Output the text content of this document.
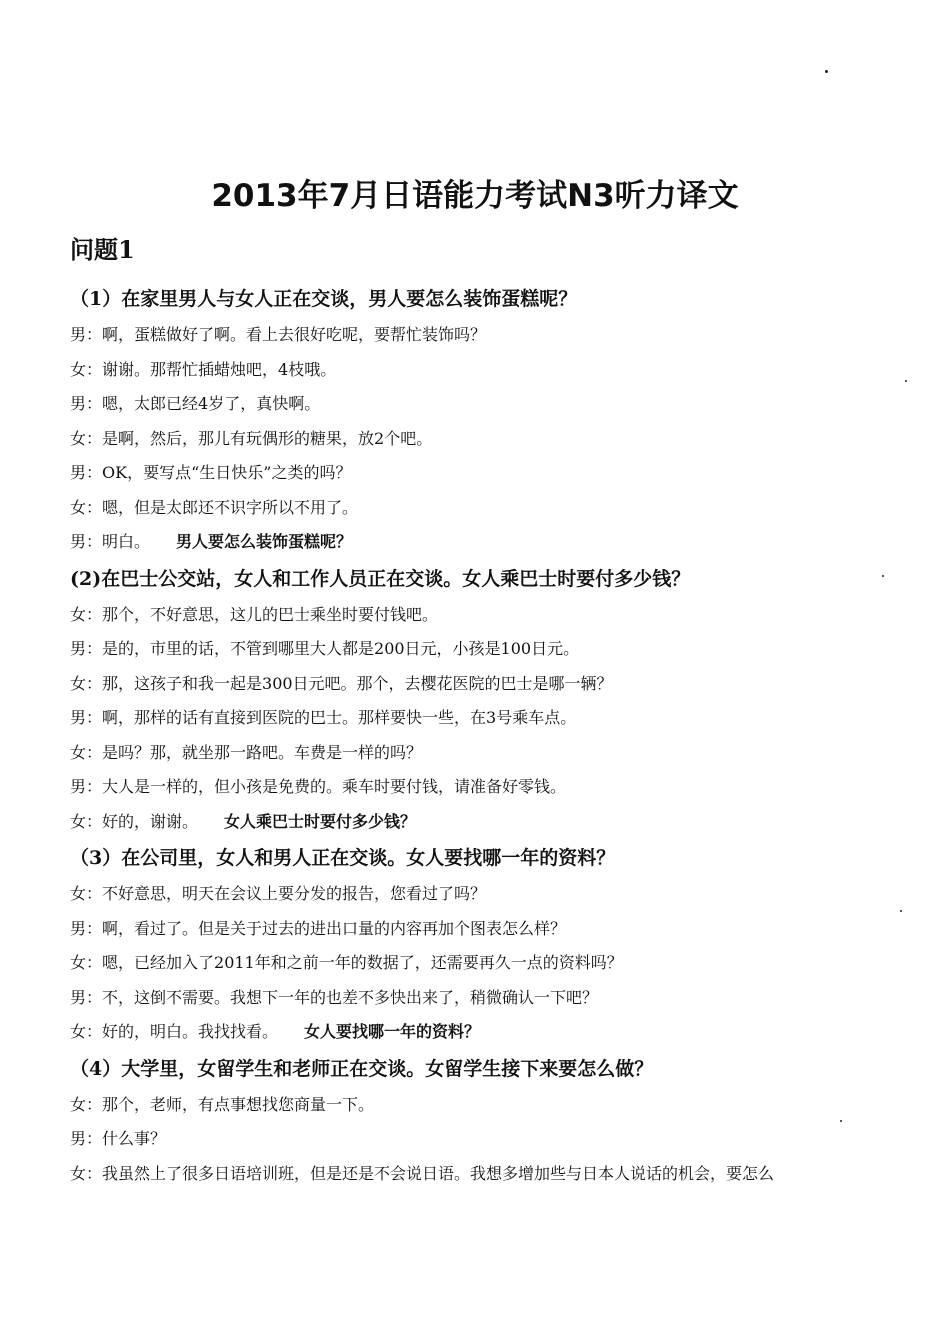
2013年7月日语能力考试N3听力译文
问题1
（1）在家里男人与女人正在交谈，男人要怎么装饰蛋糕呢？
男：啊，蛋糕做好了啊。看上去很好吃呢，要帮忙装饰吗？
女：谢谢。那帮忙插蜡烛吧，4枝哦。
男：嗯，太郎已经4岁了，真快啊。
女：是啊，然后，那儿有玩偶形的糖果，放2个吧。
男：OK，要写点“生日快乐”之类的吗？
女：嗯，但是太郎还不识字所以不用了。
男：明白。 男人要怎么装饰蛋糕呢？
(2)在巴士公交站，女人和工作人员正在交谈。女人乘巴士时要付多少钱？
女：那个，不好意思，这儿的巴士乘坐时要付钱吧。
男：是的，市里的话，不管到哪里大人都是200日元，小孩是100日元。
女：那，这孩子和我一起是300日元吧。那个，去樱花医院的巴士是哪一辆？
男：啊，那样的话有直接到医院的巴士。那样要快一些，在3号乘车点。
女：是吗？那，就坐那一路吧。车费是一样的吗？
男：大人是一样的，但小孩是免费的。乘车时要付钱，请准备好零钱。
女：好的，谢谢。 女人乘巴士时要付多少钱？
（3）在公司里，女人和男人正在交谈。女人要找哪一年的资料？
女：不好意思，明天在会议上要分发的报告，您看过了吗？
男：啊，看过了。但是关于过去的进出口量的内容再加个图表怎么样？
女：嗯，已经加入了2011年和之前一年的数据了，还需要再久一点的资料吗？
男：不，这倒不需要。我想下一年的也差不多快出来了，稍微确认一下吧？
女：好的，明白。我找找看。 女人要找哪一年的资料？
（4）大学里，女留学生和老师正在交谈。女留学生接下来要怎么做？
女：那个，老师，有点事想找您商量一下。
男：什么事？
女：我虽然上了很多日语培训班，但是还是不会说日语。我想多增加些与日本人说话的机会，要怎么
